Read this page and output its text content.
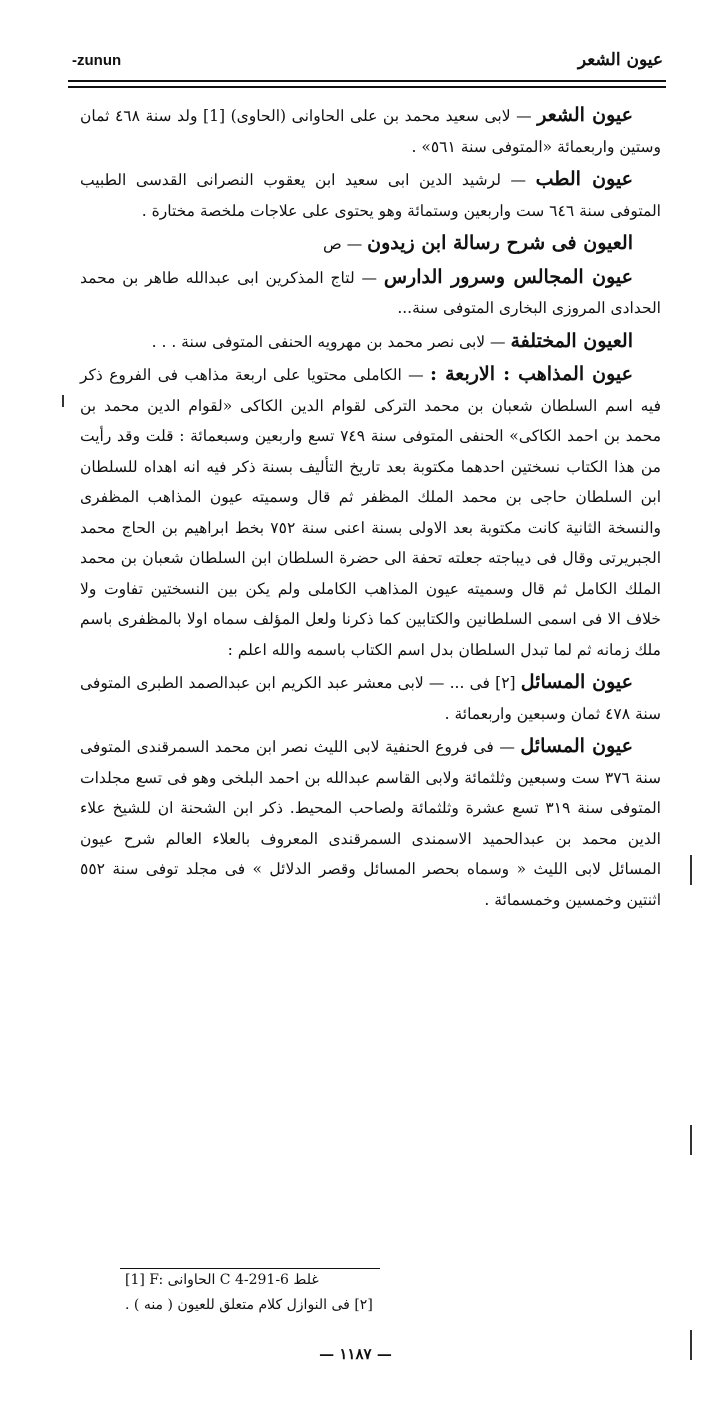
-zunun	عيون الشعر

عيون الشعر — لابى سعيد محمد بن على الحاوانى (الحاوى) [1] ولد سنة ٤٦٨ ثمان وستين واربعمائة «المتوفى سنة ٥٦١» .

عيون الطب — لرشيد الدين ابى سعيد ابن يعقوب النصرانى القدسى الطبيب المتوفى سنة ٦٤٦ ست واربعين وستمائة وهو يحتوى على علاجات ملخصة مختارة .

العيون فى شرح رسالة ابن زيدون — ص

عيون المجالس وسرور الدارس — لتاج المذكرين ابى عبدالله طاهر بن محمد الحدادى المروزى البخارى المتوفى سنة...

العيون المختلفة — لابى نصر محمد بن مهرويه الحنفى المتوفى سنة . . .

عيون المذاهب : الاربعة : — الكاملى محتويا على اربعة مذاهب فى الفروع ذكر فيه اسم السلطان شعبان بن محمد التركى لقوام الدين الكاكى «لقوام الدين محمد بن محمد بن احمد الكاكى» الحنفى المتوفى سنة ٧٤٩ تسع واربعين وسبعمائة : قلت وقد رأيت من هذا الكتاب نسختين احدهما مكتوبة بعد تاريخ التأليف بسنة ذكر فيه انه اهداه للسلطان ابن السلطان حاجى بن محمد الملك المظفر ثم قال وسميته عيون المذاهب المظفرى والنسخة الثانية كانت مكتوبة بعد الاولى بسنة اعنى سنة ٧٥٢ بخط ابراهيم بن الحاج محمد الجبريرتى وقال فى ديباجته جعلته تحفة الى حضرة السلطان ابن السلطان شعبان بن محمد الملك الكامل ثم قال وسميته عيون المذاهب الكاملى ولم يكن بين النسختين تفاوت ولا خلاف الا فى اسمى السلطانين والكتابين كما ذكرنا ولعل المؤلف سماه اولا بالمظفرى باسم ملك زمانه ثم لما تبدل السلطان بدل اسم الكتاب باسمه والله اعلم :

عيون المسائل [٢] فى ... — لابى معشر عبد الكريم ابن عبدالصمد الطبرى المتوفى سنة ٤٧٨ ثمان وسبعين واربعمائة .

عيون المسائل — فى فروع الحنفية لابى الليث نصر ابن محمد السمرقندى المتوفى سنة ٣٧٦ ست وسبعين وثلثمائة ولابى القاسم عبدالله بن احمد البلخى وهو فى تسع مجلدات المتوفى سنة ٣١٩ تسع عشرة وثلثمائة ولصاحب المحيط. ذكر ابن الشحنة ان للشيخ علاء الدين محمد بن عبدالحميد الاسمندى السمرقندى المعروف بالعلاء العالم شرح عيون المسائل لابى الليث « وسماه بحصر المسائل وقصر الدلائل » فى مجلد توفى سنة ٥٥٢ اثنتين وخمسين وخمسمائة .

[1] F: الحاوانى C 4-291-6 غلط
[٢] فى النوازل كلام متعلق للعيون ( منه ) .
— ١١٨٧ —
